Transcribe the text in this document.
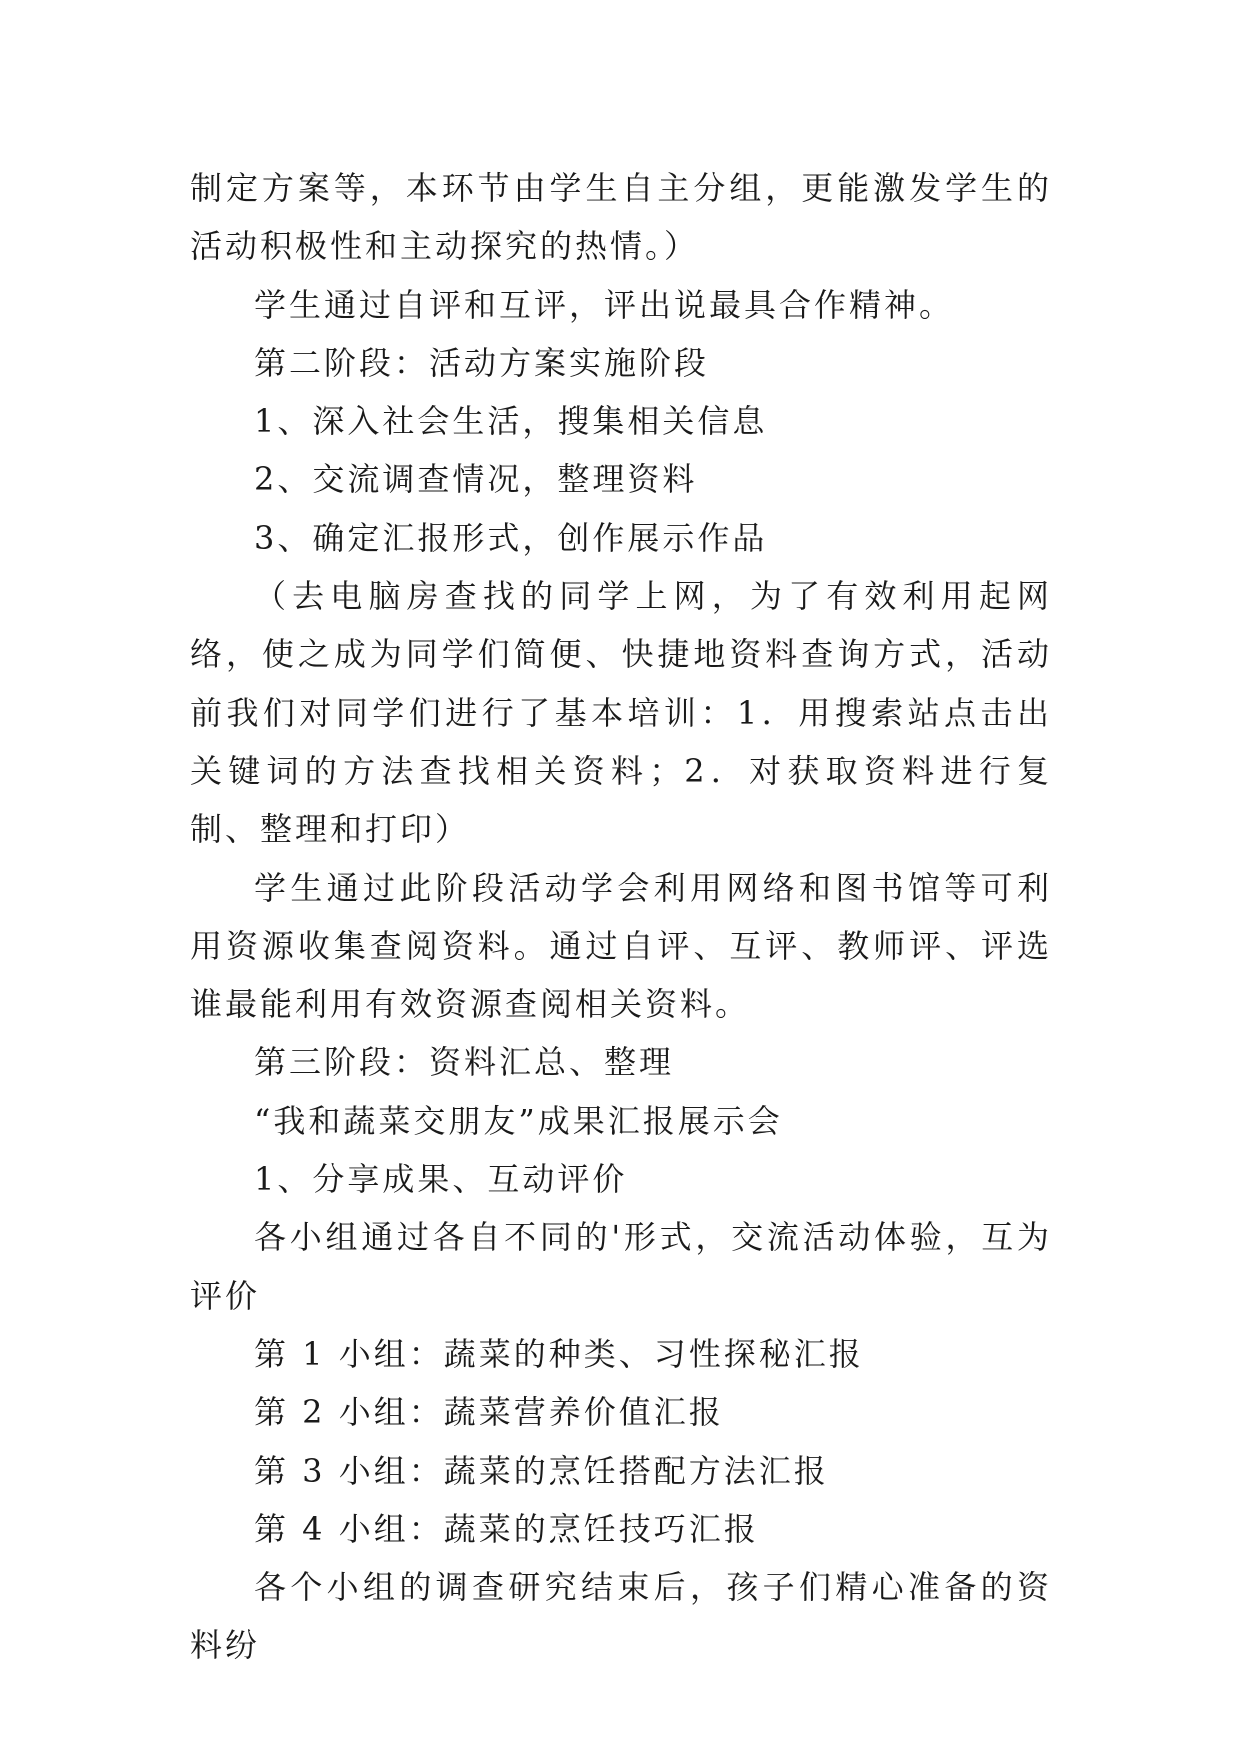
制定方案等，本环节由学生自主分组，更能激发学生的活动积极性和主动探究的热情。）

学生通过自评和互评，评出说最具合作精神。

第二阶段：活动方案实施阶段

1、深入社会生活，搜集相关信息

2、交流调查情况，整理资料

3、确定汇报形式，创作展示作品

（去电脑房查找的同学上网，为了有效利用起网络，使之成为同学们简便、快捷地资料查询方式，活动前我们对同学们进行了基本培训：1．用搜索站点击出关键词的方法查找相关资料；2．对获取资料进行复制、整理和打印）

学生通过此阶段活动学会利用网络和图书馆等可利用资源收集查阅资料。通过自评、互评、教师评、评选谁最能利用有效资源查阅相关资料。

第三阶段：资料汇总、整理

“我和蔬菜交朋友”成果汇报展示会

1、分享成果、互动评价

各小组通过各自不同的'形式，交流活动体验，互为评价

第 1 小组：蔬菜的种类、习性探秘汇报

第 2 小组：蔬菜营养价值汇报

第 3 小组：蔬菜的烹饪搭配方法汇报

第 4 小组：蔬菜的烹饪技巧汇报

各个小组的调查研究结束后，孩子们精心准备的资料纷
